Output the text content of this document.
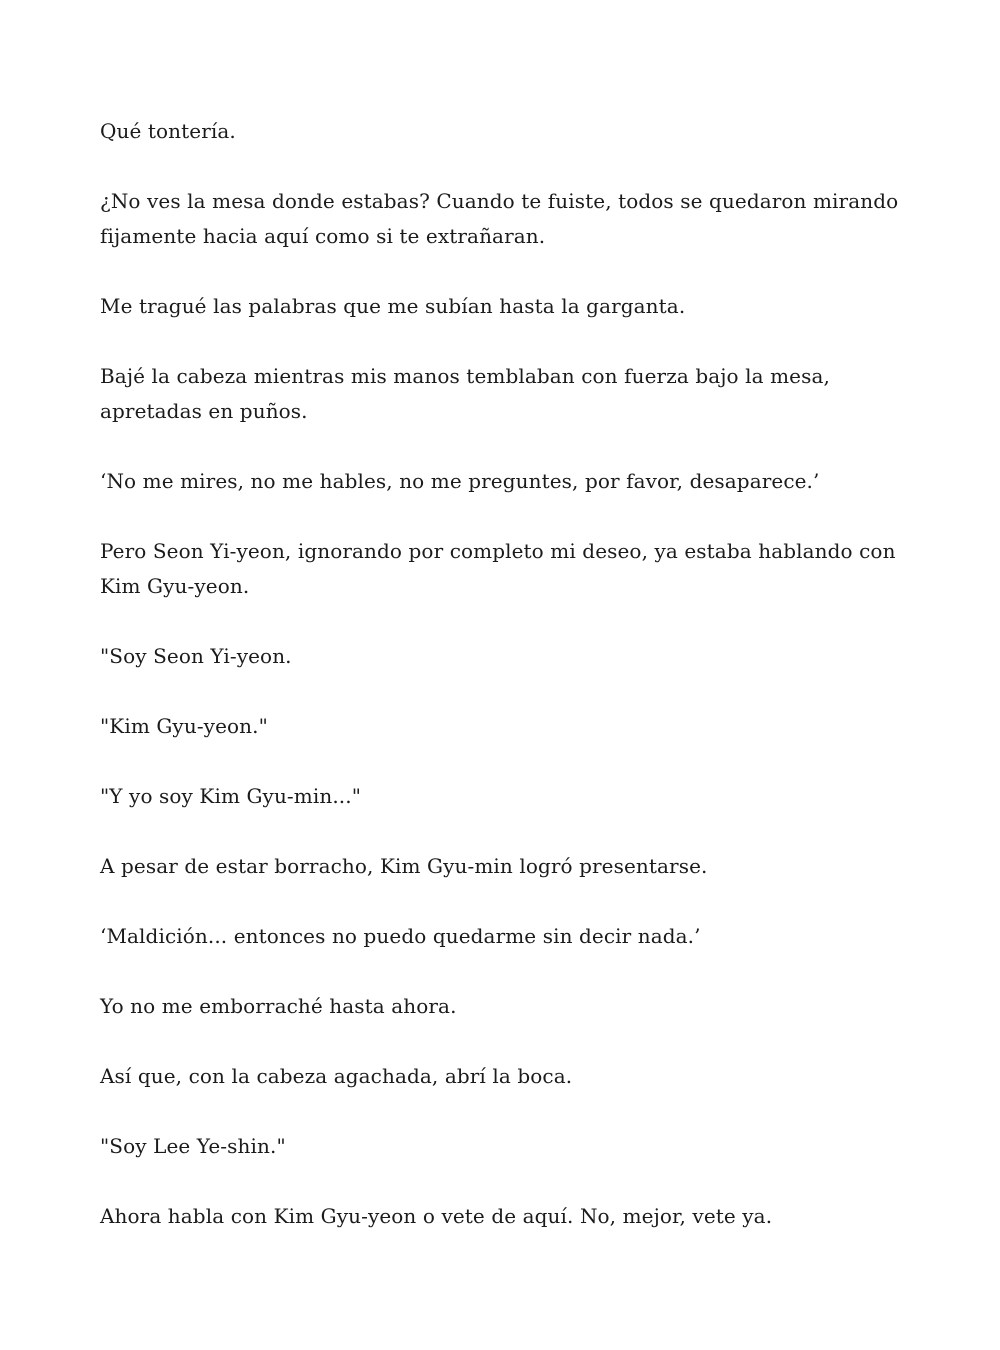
Qué tontería.

¿No ves la mesa donde estabas? Cuando te fuiste, todos se quedaron mirando fijamente hacia aquí como si te extrañaran.

Me tragué las palabras que me subían hasta la garganta.

Bajé la cabeza mientras mis manos temblaban con fuerza bajo la mesa, apretadas en puños.

‘No me mires, no me hables, no me preguntes, por favor, desaparece.’

Pero Seon Yi-yeon, ignorando por completo mi deseo, ya estaba hablando con Kim Gyu-yeon.

"Soy Seon Yi-yeon.

"Kim Gyu-yeon."

"Y yo soy Kim Gyu-min..."

A pesar de estar borracho, Kim Gyu-min logró presentarse.

‘Maldición... entonces no puedo quedarme sin decir nada.’

Yo no me emborraché hasta ahora.

Así que, con la cabeza agachada, abrí la boca.

"Soy Lee Ye-shin."

Ahora habla con Kim Gyu-yeon o vete de aquí. No, mejor, vete ya.
